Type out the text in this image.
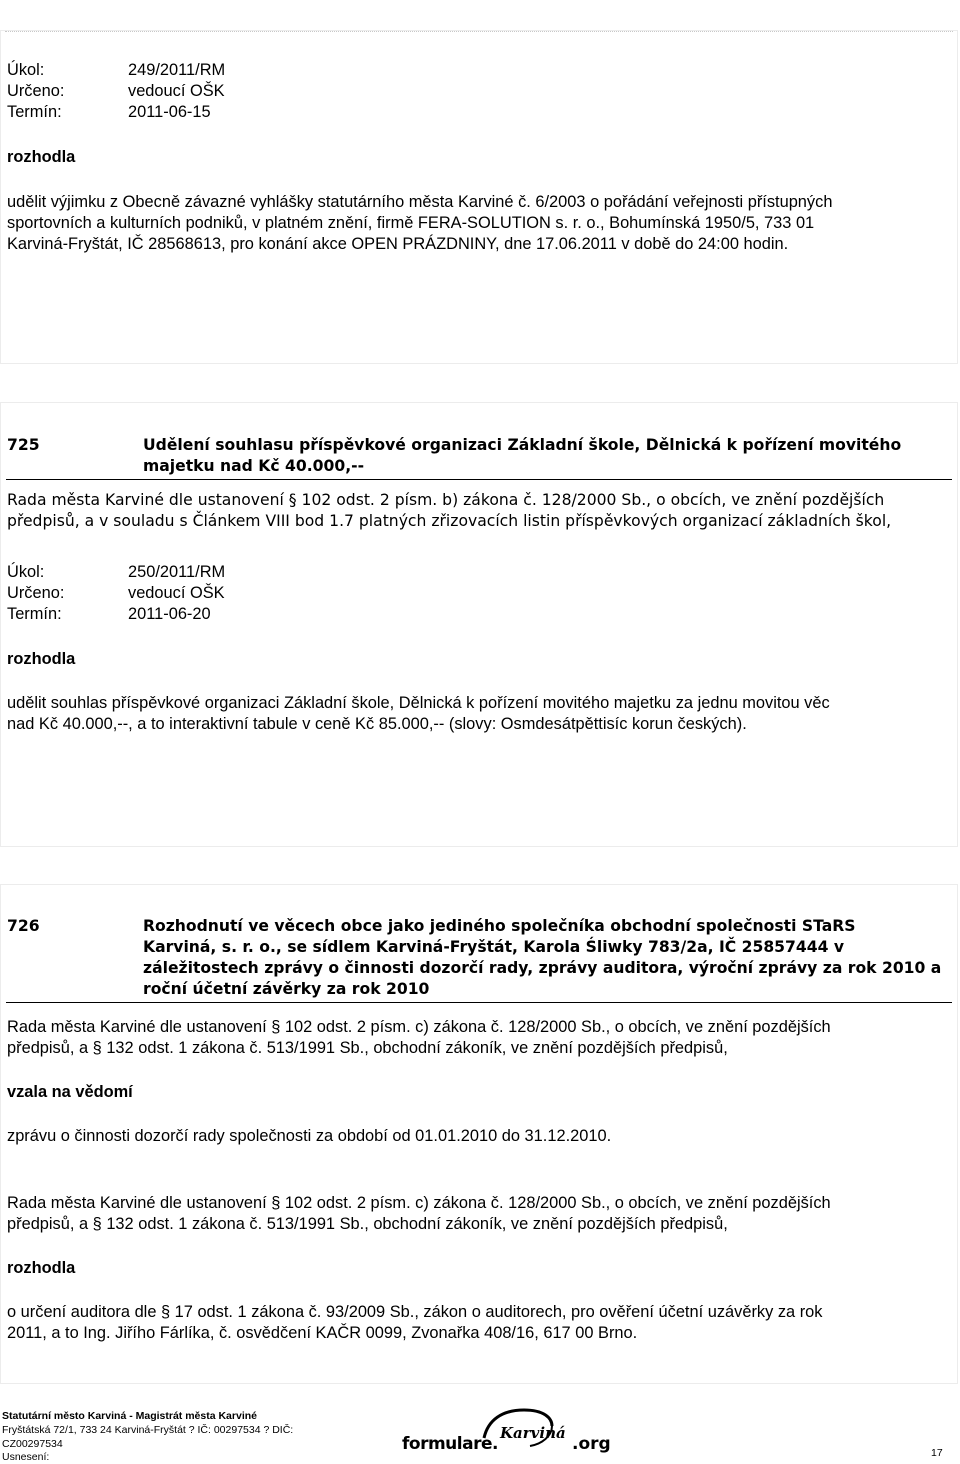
Úkol:	249/2011/RM
Určeno:	vedoucí OŠK
Termín:	2011-06-15
rozhodla
udělit výjimku z Obecně závazné vyhlášky statutárního města Karviné č. 6/2003 o pořádání veřejnosti přístupných
sportovních a kulturních podniků, v platném znění, firmě FERA-SOLUTION s. r. o., Bohumínská 1950/5, 733 01
Karviná-Fryštát, IČ 28568613, pro konání akce OPEN PRÁZDNINY, dne 17.06.2011 v době do 24:00 hodin.
725	Udělení souhlasu příspěvkové organizaci Základní škole, Dělnická k pořízení movitého
majetku nad Kč 40.000,--
Rada města Karviné dle ustanovení § 102 odst. 2 písm. b) zákona č. 128/2000 Sb., o obcích, ve znění pozdějších
předpisů, a v souladu s Článkem VIII bod 1.7 platných zřizovacích listin příspěvkových organizací základních škol,
Úkol:	250/2011/RM
Určeno:	vedoucí OŠK
Termín:	2011-06-20
rozhodla
udělit souhlas příspěvkové organizaci Základní škole, Dělnická k pořízení movitého majetku za jednu movitou věc
nad Kč 40.000,--, a to interaktivní tabule v ceně Kč 85.000,-- (slovy: Osmdesátpěttisíc korun českých).
726	Rozhodnutí ve věcech obce jako jediného společníka obchodní společnosti STaRS
Karviná, s. r. o., se sídlem Karviná-Fryštát, Karola Śliwky 783/2a, IČ 25857444 v
záležitostech zprávy o činnosti dozorčí rady, zprávy auditora, výroční zprávy za rok 2010 a
roční účetní závěrky za rok 2010
Rada města Karviné dle ustanovení § 102 odst. 2 písm. c) zákona č. 128/2000 Sb., o obcích, ve znění pozdějších
předpisů, a § 132 odst. 1 zákona č. 513/1991 Sb., obchodní zákoník, ve znění pozdějších předpisů,
vzala na vědomí
zprávu o činnosti dozorčí rady společnosti za období od 01.01.2010 do 31.12.2010.
Rada města Karviné dle ustanovení § 102 odst. 2 písm. c) zákona č. 128/2000 Sb., o obcích, ve znění pozdějších
předpisů, a § 132 odst. 1 zákona č. 513/1991 Sb., obchodní zákoník, ve znění pozdějších předpisů,
rozhodla
o určení auditora dle § 17 odst. 1 zákona č. 93/2009 Sb., zákon o auditorech, pro ověření účetní uzávěrky za rok
2011, a to Ing. Jiřího Fárlíka, č. osvědčení KAČR 0099, Zvonařka 408/16, 617 00 Brno.
Statutární město Karviná - Magistrát města Karviné
Fryštátská 72/1, 733 24 Karviná-Fryštát ? IČ: 00297534 ? DIČ:
CZ00297534
Usnesení:
formulare.
Karviná
.org	17
